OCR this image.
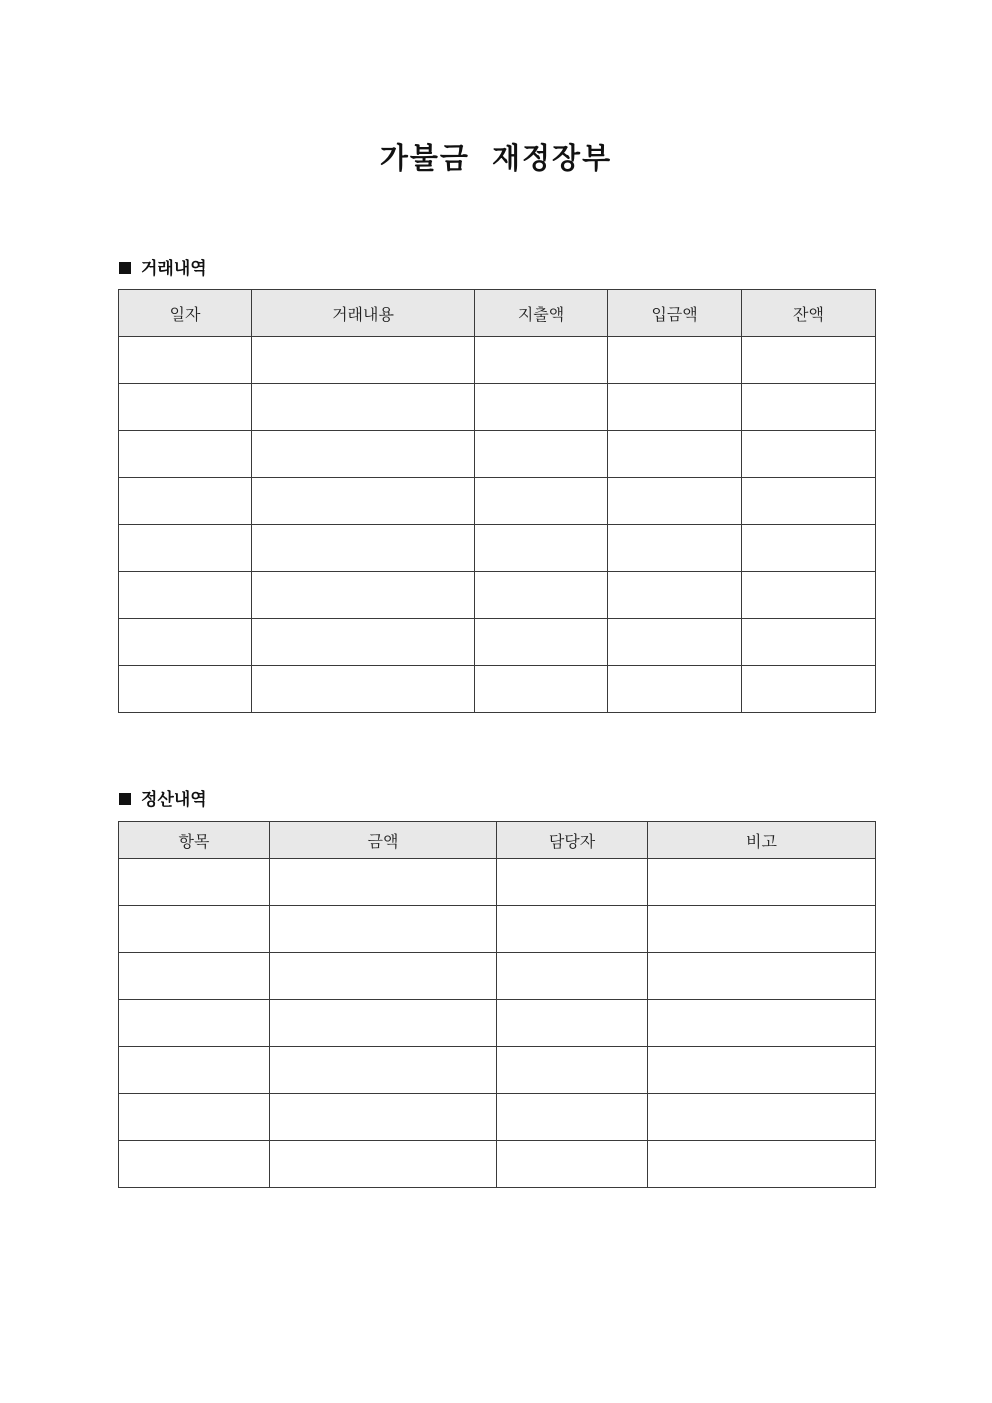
가불금 재정장부
거래내역
일자	거래내용	지출액	입금액	잔액

정산내역
항목	금액	담당자	비고
